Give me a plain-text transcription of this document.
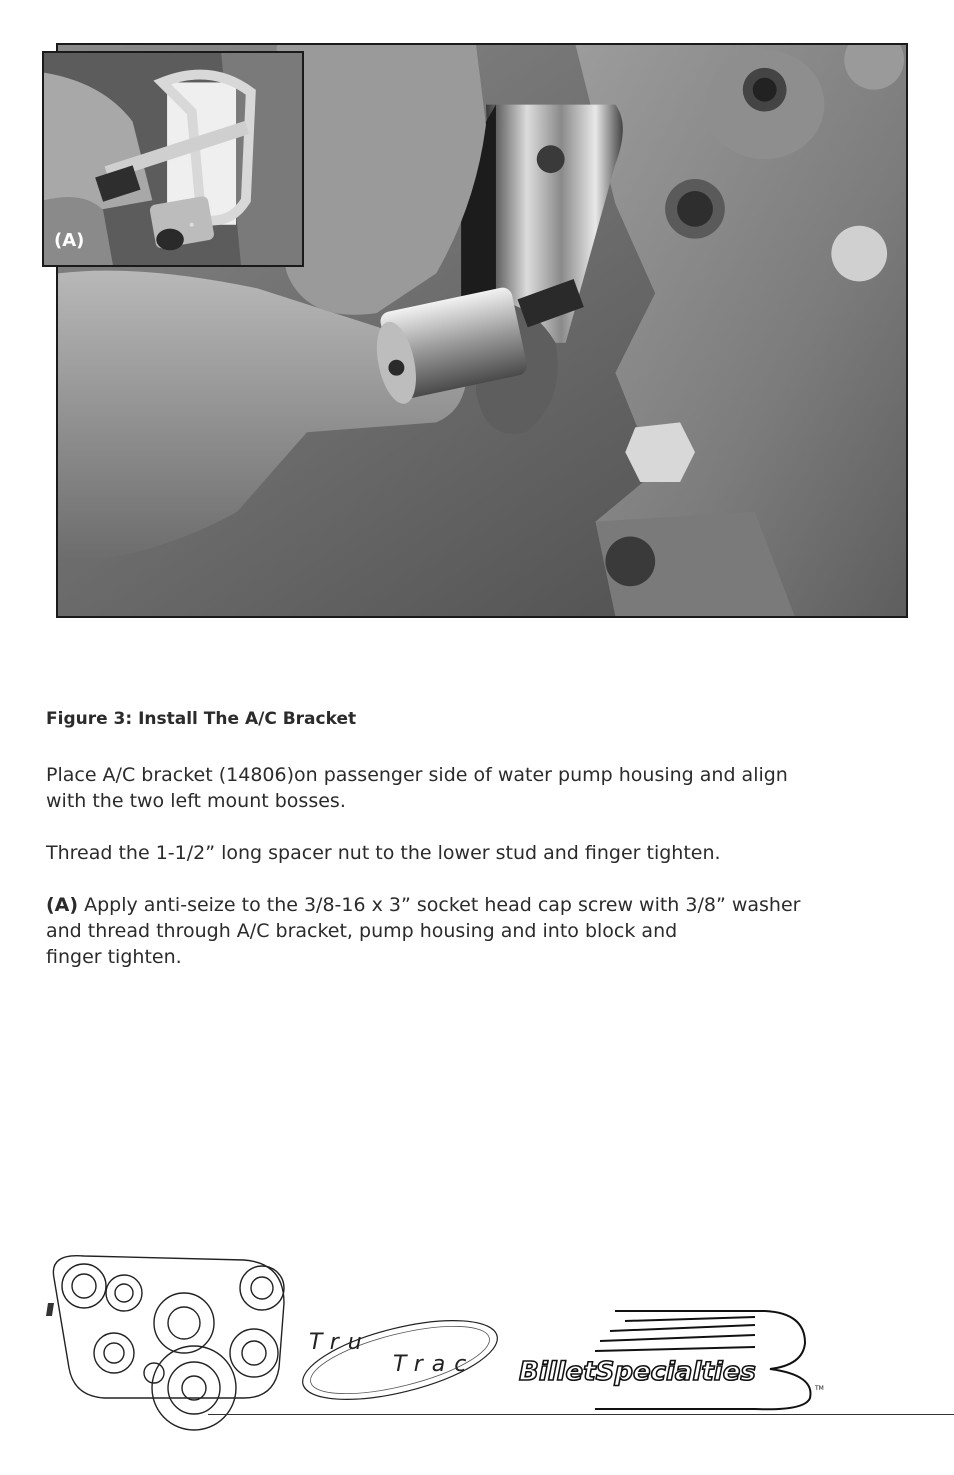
(A)

Figure 3: Install The A/C Bracket

Place A/C bracket (14806)on passenger side of water pump housing and align
with the two left mount bosses.

Thread the 1-1/2” long spacer nut to the lower stud and finger tighten.

(A) Apply anti-seize to the 3/8-16 x 3” socket head cap screw with 3/8” washer
and thread through A/C bracket, pump housing and into block and
finger tighten.

Tru
Trac BilletSpecialties
TM
